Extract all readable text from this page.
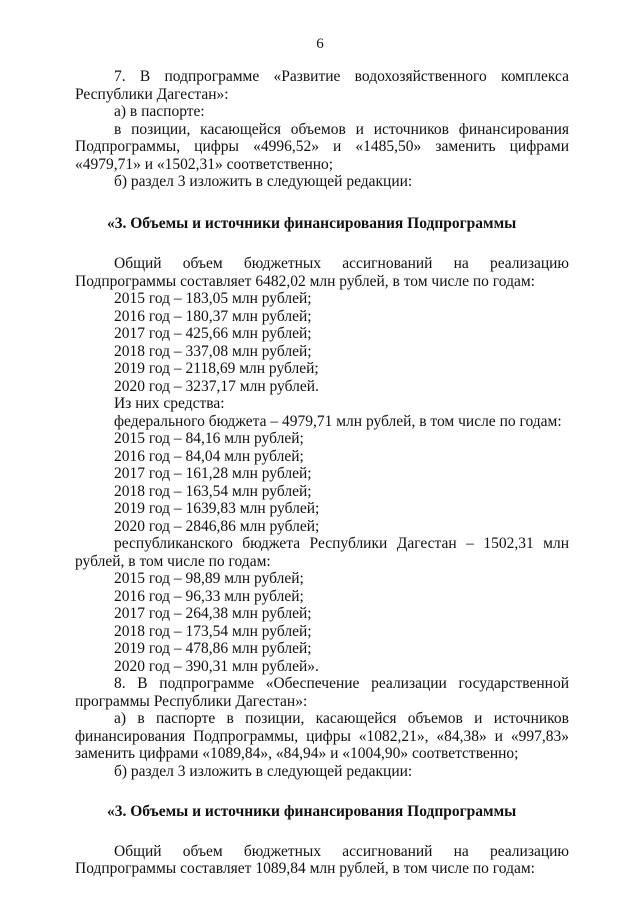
6

7. В подпрограмме «Развитие водохозяйственного комплекса Республики Дагестан»:

а) в паспорте:

в позиции, касающейся объемов и источников финансирования Подпрограммы, цифры «4996,52» и «1485,50» заменить цифрами «4979,71» и «1502,31» соответственно;

б) раздел 3 изложить в следующей редакции:

«3. Объемы и источники финансирования Подпрограммы

Общий объем бюджетных ассигнований на реализацию Подпрограммы составляет 6482,02 млн рублей, в том числе по годам:

2015 год – 183,05 млн рублей;

2016 год – 180,37 млн рублей;

2017 год – 425,66 млн рублей;

2018 год – 337,08 млн рублей;

2019 год – 2118,69 млн рублей;

2020 год – 3237,17 млн рублей.

Из них средства:

федерального бюджета – 4979,71 млн рублей, в том числе по годам:

2015 год – 84,16 млн рублей;

2016 год – 84,04 млн рублей;

2017 год – 161,28 млн рублей;

2018 год – 163,54 млн рублей;

2019 год – 1639,83 млн рублей;

2020 год – 2846,86 млн рублей;

республиканского бюджета Республики Дагестан – 1502,31 млн рублей, в том числе по годам:

2015 год – 98,89 млн рублей;

2016 год – 96,33 млн рублей;

2017 год – 264,38 млн рублей;

2018 год – 173,54 млн рублей;

2019 год – 478,86 млн рублей;

2020 год – 390,31 млн рублей».

8. В подпрограмме «Обеспечение реализации государственной программы Республики Дагестан»:

а) в паспорте в позиции, касающейся объемов и источников финансирования Подпрограммы, цифры «1082,21», «84,38» и «997,83» заменить цифрами «1089,84», «84,94» и «1004,90» соответственно;

б) раздел 3 изложить в следующей редакции:

«3. Объемы и источники финансирования Подпрограммы

Общий объем бюджетных ассигнований на реализацию Подпрограммы составляет 1089,84 млн рублей, в том числе по годам:
